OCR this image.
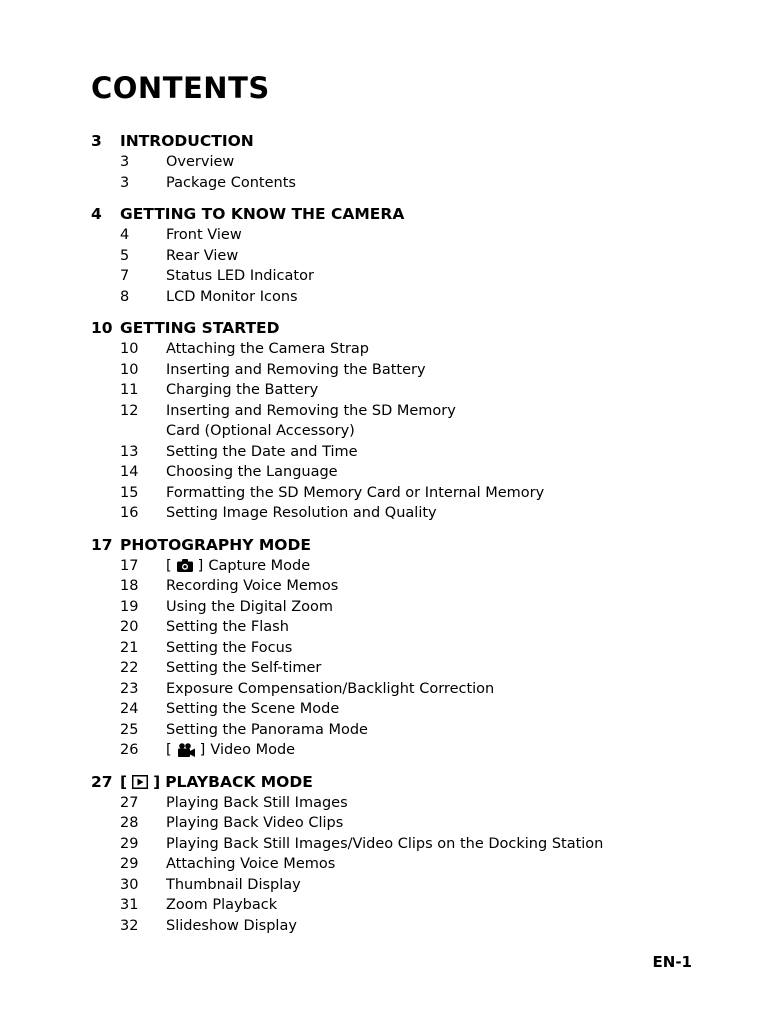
CONTENTS
3	INTRODUCTION
3	Overview
3	Package Contents
4	GETTING TO KNOW THE CAMERA
4	Front View
5	Rear View
7	Status LED Indicator
8	LCD Monitor Icons
10 GETTING STARTED
10	Attaching the Camera Strap
10	Inserting and Removing the Battery
11	Charging the Battery
12	Inserting and Removing the SD Memory Card (Optional Accessory)
13	Setting the Date and Time
14	Choosing the Language
15	Formatting the SD Memory Card or Internal Memory
16	Setting Image Resolution and Quality
17 PHOTOGRAPHY MODE
17	[ ] Capture Mode
18	Recording Voice Memos
19	Using the Digital Zoom
20	Setting the Flash
21	Setting the Focus
22	Setting the Self-timer
23	Exposure Compensation/Backlight Correction
24	Setting the Scene Mode
25	Setting the Panorama Mode
26	[ ] Video Mode
27 [ ] PLAYBACK MODE
27	Playing Back Still Images
28	Playing Back Video Clips
29	Playing Back Still Images/Video Clips on the Docking Station
29	Attaching Voice Memos
30	Thumbnail Display
31	Zoom Playback
32	Slideshow Display
EN-1
